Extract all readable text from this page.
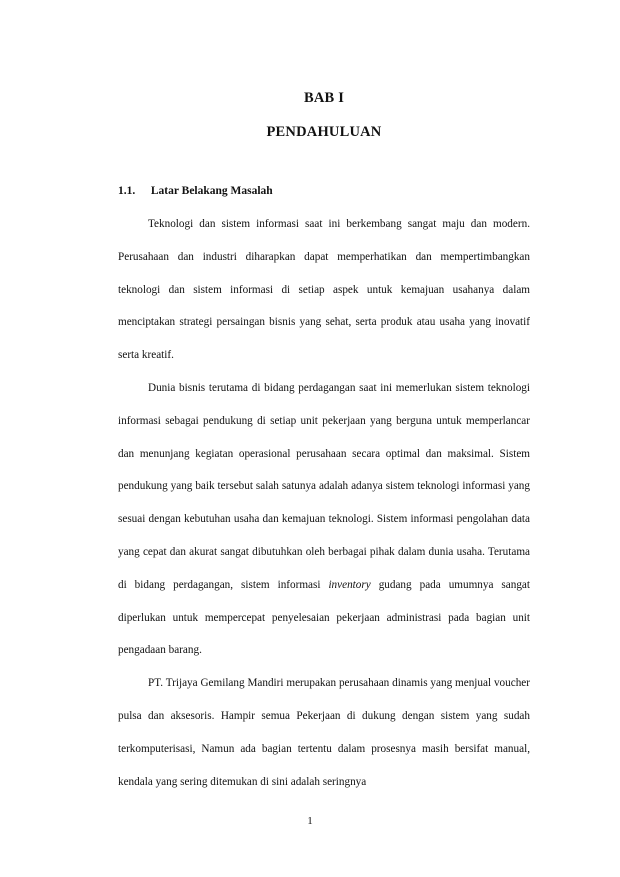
BAB I
PENDAHULUAN
1.1. Latar Belakang Masalah

Teknologi dan sistem informasi saat ini berkembang sangat maju dan modern. Perusahaan dan industri diharapkan dapat memperhatikan dan mempertimbangkan teknologi dan sistem informasi di setiap aspek untuk kemajuan usahanya dalam menciptakan strategi persaingan bisnis yang sehat, serta produk atau usaha yang inovatif serta kreatif.

Dunia bisnis terutama di bidang perdagangan saat ini memerlukan sistem teknologi informasi sebagai pendukung di setiap unit pekerjaan yang berguna untuk memperlancar dan menunjang kegiatan operasional perusahaan secara optimal dan maksimal. Sistem pendukung yang baik tersebut salah satunya adalah adanya sistem teknologi informasi yang sesuai dengan kebutuhan usaha dan kemajuan teknologi. Sistem informasi pengolahan data yang cepat dan akurat sangat dibutuhkan oleh berbagai pihak dalam dunia usaha. Terutama di bidang perdagangan, sistem informasi inventory gudang pada umumnya sangat diperlukan untuk mempercepat penyelesaian pekerjaan administrasi pada bagian unit pengadaan barang.

PT. Trijaya Gemilang Mandiri merupakan perusahaan dinamis yang menjual voucher pulsa dan aksesoris. Hampir semua Pekerjaan di dukung dengan sistem yang sudah terkomputerisasi, Namun ada bagian tertentu dalam prosesnya masih bersifat manual, kendala yang sering ditemukan di sini adalah seringnya

1
